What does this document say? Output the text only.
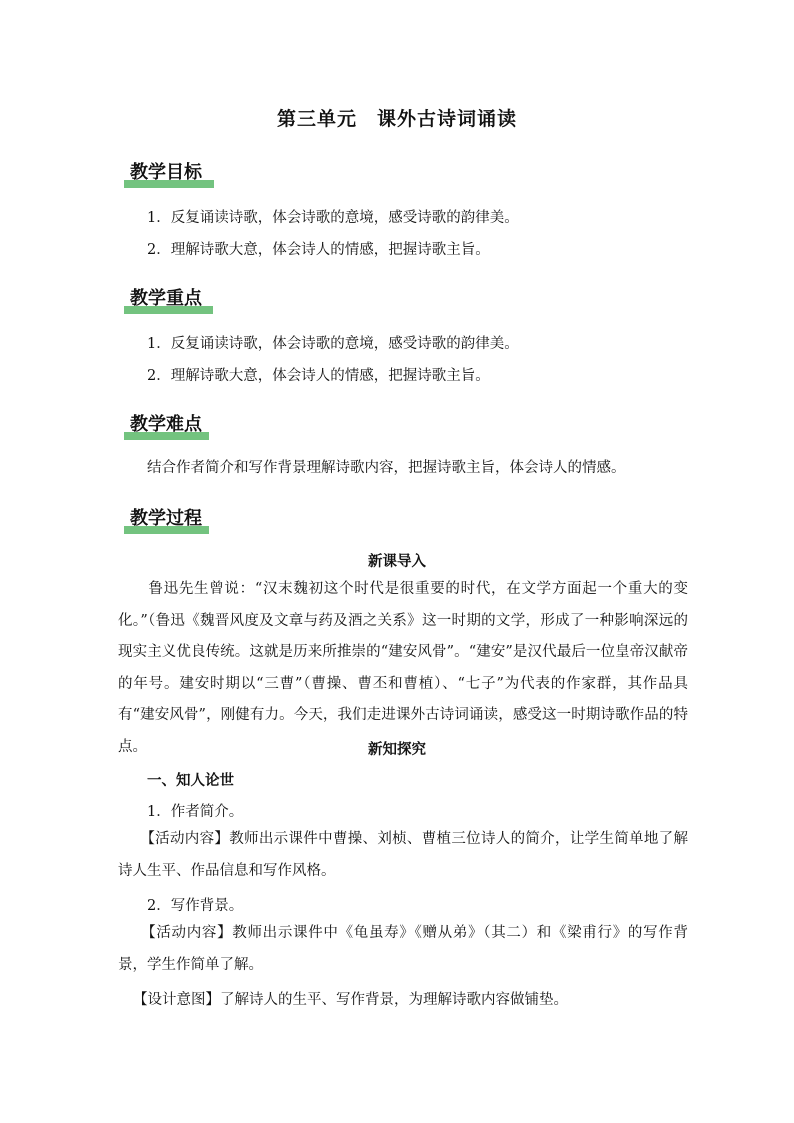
第三单元　课外古诗词诵读
教学目标
1．反复诵读诗歌，体会诗歌的意境，感受诗歌的韵律美。
2．理解诗歌大意，体会诗人的情感，把握诗歌主旨。
教学重点
1．反复诵读诗歌，体会诗歌的意境，感受诗歌的韵律美。
2．理解诗歌大意，体会诗人的情感，把握诗歌主旨。
教学难点
结合作者简介和写作背景理解诗歌内容，把握诗歌主旨，体会诗人的情感。
教学过程
新课导入
　　鲁迅先生曾说：“汉末魏初这个时代是很重要的时代，在文学方面起一个重大的变化。”（鲁迅《魏晋风度及文章与药及酒之关系》这一时期的文学，形成了一种影响深远的现实主义优良传统。这就是历来所推崇的“建安风骨”。“建安”是汉代最后一位皇帝汉献帝的年号。建安时期以“三曹”（曹操、曹丕和曹植）、“七子”为代表的作家群，其作品具有“建安风骨”，刚健有力。今天，我们走进课外古诗词诵读，感受这一时期诗歌作品的特点。	新知探究
一、知人论世
1．作者简介。
　　【活动内容】教师出示课件中曹操、刘桢、曹植三位诗人的简介，让学生简单地了解诗人生平、作品信息和写作风格。
2．写作背景。
　　【活动内容】教师出示课件中《龟虽寿》《赠从弟》（其二）和《梁甫行》的写作背景，学生作简单了解。
【设计意图】了解诗人的生平、写作背景，为理解诗歌内容做铺垫。
